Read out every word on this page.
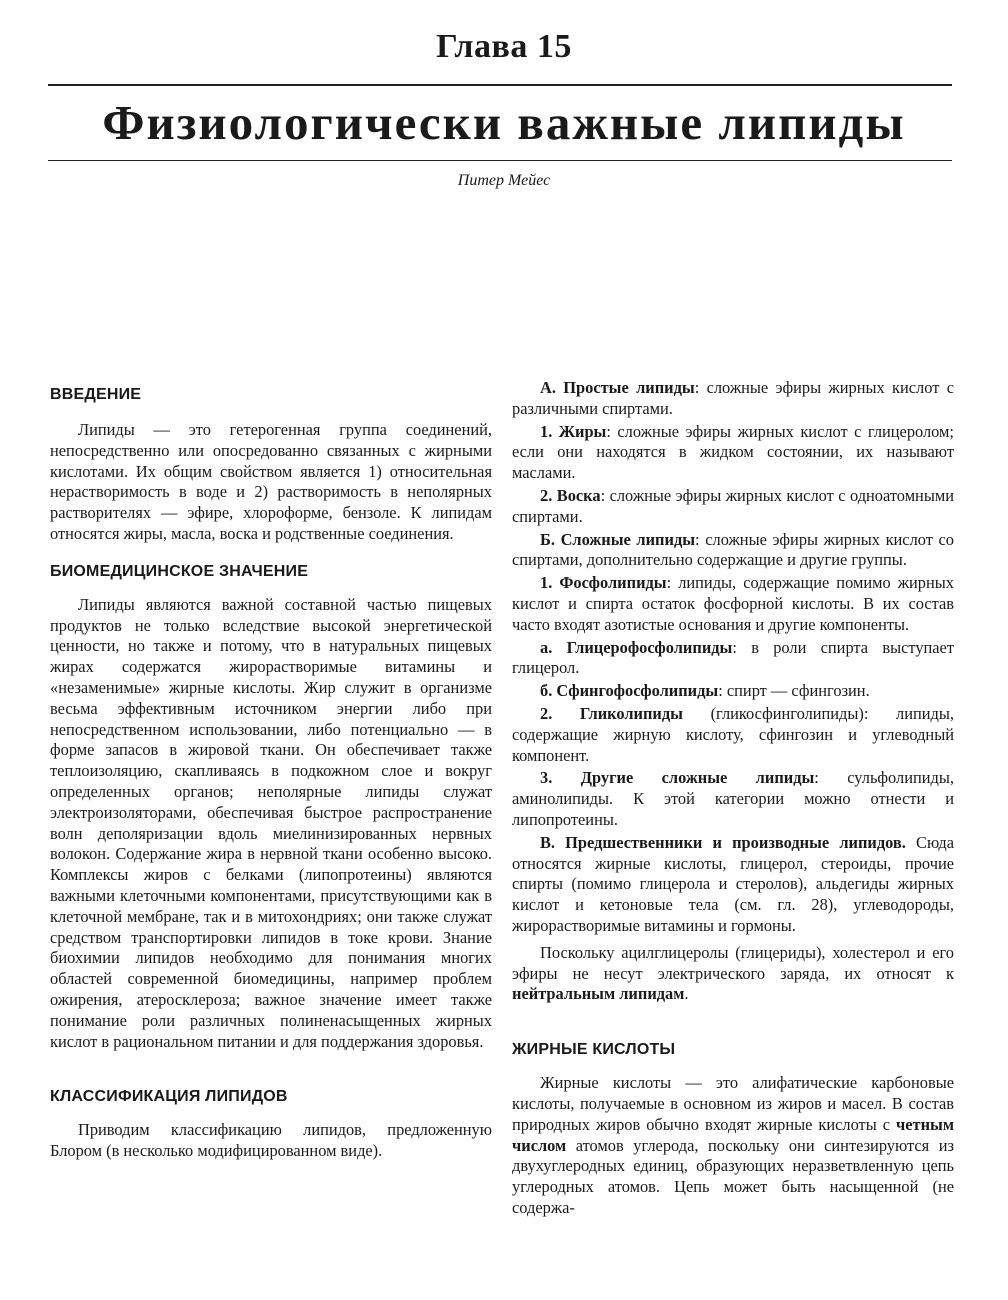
Глава 15
Физиологически важные липиды
Питер Мейес
ВВЕДЕНИЕ

Липиды — это гетерогенная группа соединений, непосредственно или опосредованно связанных с жирными кислотами. Их общим свойством является 1) относительная нерастворимость в воде и 2) растворимость в неполярных растворителях — эфире, хлороформе, бензоле. К липидам относятся жиры, масла, воска и родственные соединения.

БИОМЕДИЦИНСКОЕ ЗНАЧЕНИЕ

Липиды являются важной составной частью пищевых продуктов не только вследствие высокой энергетической ценности, но также и потому, что в натуральных пищевых жирах содержатся жирорастворимые витамины и «незаменимые» жирные кислоты. Жир служит в организме весьма эффективным источником энергии либо при непосредственном использовании, либо потенциально — в форме запасов в жировой ткани. Он обеспечивает также теплоизоляцию, скапливаясь в подкожном слое и вокруг определенных органов; неполярные липиды служат электроизоляторами, обеспечивая быстрое распространение волн деполяризации вдоль миелинизированных нервных волокон. Содержание жира в нервной ткани особенно высоко. Комплексы жиров с белками (липопротеины) являются важными клеточными компонентами, присутствующими как в клеточной мембране, так и в митохондриях; они также служат средством транспортировки липидов в токе крови. Знание биохимии липидов необходимо для понимания многих областей современной биомедицины, например проблем ожирения, атеросклероза; важное значение имеет также понимание роли различных полиненасыщенных жирных кислот в рациональном питании и для поддержания здоровья.

КЛАССИФИКАЦИЯ ЛИПИДОВ

Приводим классификацию липидов, предложенную Блором (в несколько модифицированном виде).

А. Простые липиды: сложные эфиры жирных кислот с различными спиртами.

1. Жиры: сложные эфиры жирных кислот с глицеролом; если они находятся в жидком состоянии, их называют маслами.

2. Воска: сложные эфиры жирных кислот с одноатомными спиртами.

Б. Сложные липиды: сложные эфиры жирных кислот со спиртами, дополнительно содержащие и другие группы.

1. Фосфолипиды: липиды, содержащие помимо жирных кислот и спирта остаток фосфорной кислоты. В их состав часто входят азотистые основания и другие компоненты.

а. Глицерофосфолипиды: в роли спирта выступает глицерол.

б. Сфингофосфолипиды: спирт — сфингозин.

2. Гликолипиды (гликосфинголипиды): липиды, содержащие жирную кислоту, сфингозин и углеводный компонент.

3. Другие сложные липиды: сульфолипиды, аминолипиды. К этой категории можно отнести и липопротеины.

В. Предшественники и производные липидов. Сюда относятся жирные кислоты, глицерол, стероиды, прочие спирты (помимо глицерола и стеролов), альдегиды жирных кислот и кетоновые тела (см. гл. 28), углеводороды, жирорастворимые витамины и гормоны.

Поскольку ацилглицеролы (глицериды), холестерол и его эфиры не несут электрического заряда, их относят к нейтральным липидам.

ЖИРНЫЕ КИСЛОТЫ

Жирные кислоты — это алифатические карбоновые кислоты, получаемые в основном из жиров и масел. В состав природных жиров обычно входят жирные кислоты с четным числом атомов углерода, поскольку они синтезируются из двухуглеродных единиц, образующих неразветвленную цепь углеродных атомов. Цепь может быть насыщенной (не содержа-
